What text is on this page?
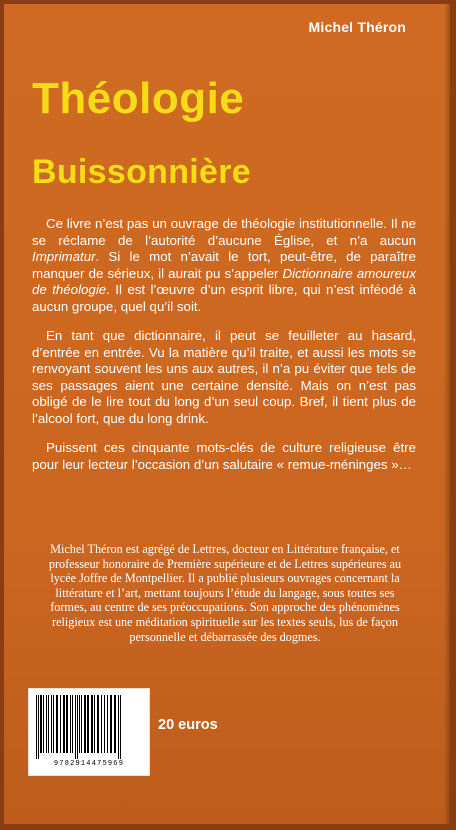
Michel Théron
Théologie
Buissonnière

Ce livre n’est pas un ouvrage de théologie institutionnelle. Il ne se réclame de l’autorité d’aucune Église, et n’a aucun Imprimatur. Si le mot n’avait le tort, peut-être, de paraître manquer de sérieux, il aurait pu s’appeler Dictionnaire amoureux de théologie. Il est l’œuvre d’un esprit libre, qui n’est inféodé à aucun groupe, quel qu’il soit.

En tant que dictionnaire, il peut se feuilleter au hasard, d’entrée en entrée. Vu la matière qu’il traite, et aussi les mots se renvoyant souvent les uns aux autres, il n’a pu éviter que tels de ses passages aient une certaine densité. Mais on n’est pas obligé de le lire tout du long d’un seul coup. Bref, il tient plus de l’alcool fort, que du long drink.

Puissent ces cinquante mots-clés de culture religieuse être pour leur lecteur l’occasion d’un salutaire « remue-méninges »…

Michel Théron est agrégé de Lettres, docteur en Littérature française, et professeur honoraire de Première supérieure et de Lettres supérieures au lycée Joffre de Montpellier. Il a publié plusieurs ouvrages concernant la littérature et l’art, mettant toujours l’étude du langage, sous toutes ses formes, au centre de ses préoccupations. Son approche des phénomènes religieux est une méditation spirituelle sur les textes seuls, lus de façon personnelle et débarrassée des dogmes.
9782914475969
20 euros
